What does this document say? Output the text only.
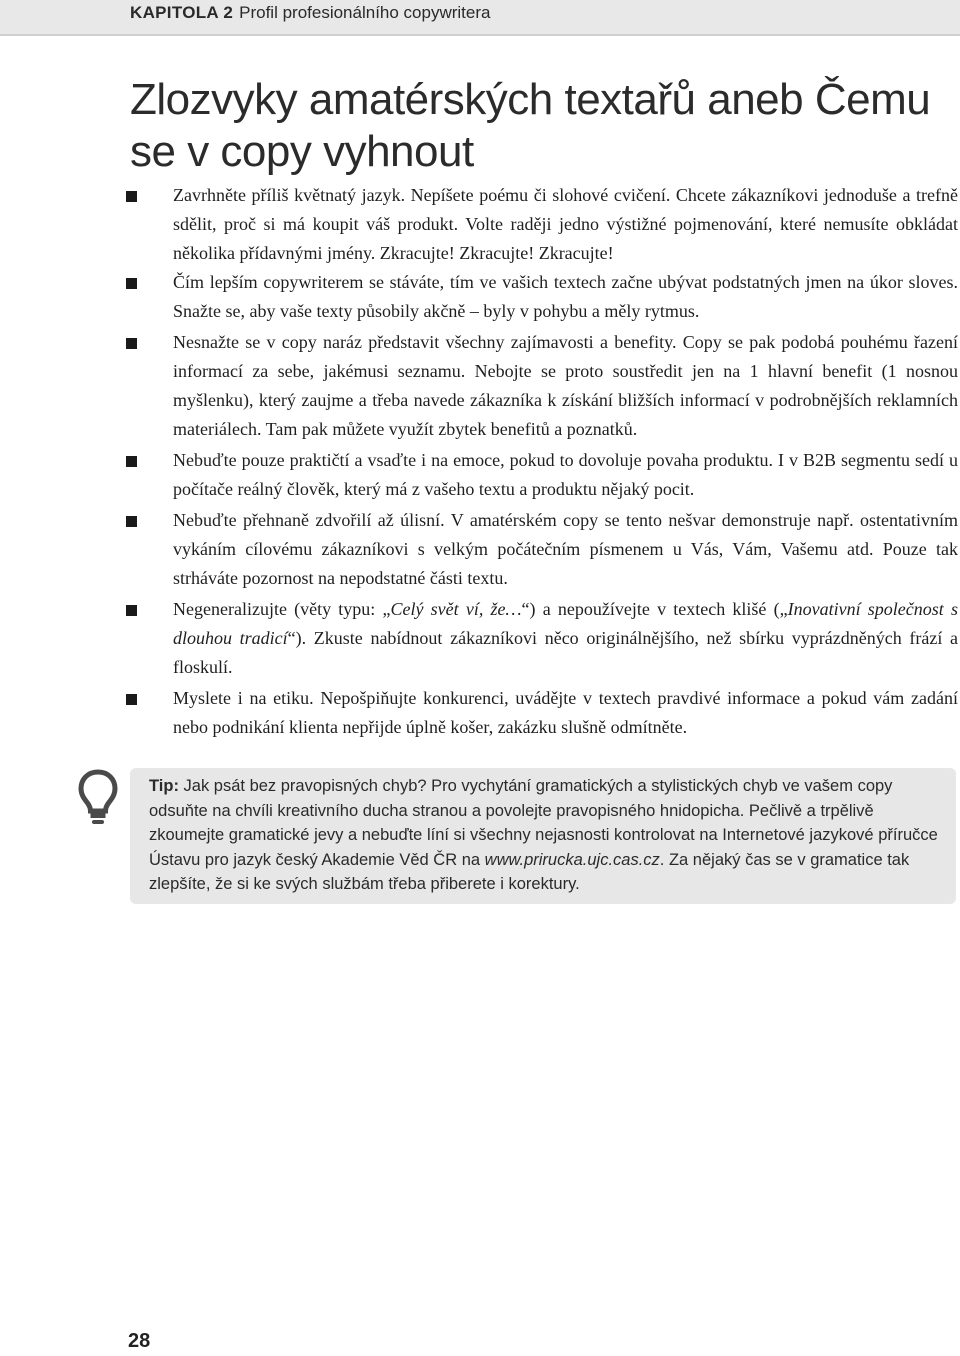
KAPITOLA 2 Profil profesionálního copywritera
Zlozvyky amatérských textařů aneb Čemu se v copy vyhnout
Zavrhněte příliš květnatý jazyk. Nepíšete poému či slohové cvičení. Chcete zákazníkovi jednoduše a trefně sdělit, proč si má koupit váš produkt. Volte raději jedno výstižné pojmenování, které nemusíte obkládat několika přídavnými jmény. Zkracujte! Zkracujte! Zkracujte!
Čím lepším copywriterem se stáváte, tím ve vašich textech začne ubývat podstatných jmen na úkor sloves. Snažte se, aby vaše texty působily akčně – byly v pohybu a měly rytmus.
Nesnažte se v copy naráz představit všechny zajímavosti a benefity. Copy se pak podobá pouhému řazení informací za sebe, jakémusi seznamu. Nebojte se proto soustředit jen na 1 hlavní benefit (1 nosnou myšlenku), který zaujme a třeba navede zákazníka k získání bližších informací v podrobnějších reklamních materiálech. Tam pak můžete využít zbytek benefitů a poznatků.
Nebuďte pouze praktičtí a vsaďte i na emoce, pokud to dovoluje povaha produktu. I v B2B segmentu sedí u počítače reálný člověk, který má z vašeho textu a produktu nějaký pocit.
Nebuďte přehnaně zdvořilí až úlisní. V amatérském copy se tento nešvar demonstruje např. ostentativním vykáním cílovému zákazníkovi s velkým počátečním písmenem u Vás, Vám, Vašemu atd. Pouze tak strháváte pozornost na nepodstatné části textu.
Negeneralizujte (věty typu: „Celý svět ví, že…“) a nepoužívejte v textech klišé („Inovativní společnost s dlouhou tradicí“). Zkuste nabídnout zákazníkovi něco originálnějšího, než sbírku vyprázdněných frází a floskulí.
Myslete i na etiku. Nepošpiňujte konkurenci, uvádějte v textech pravdivé informace a pokud vám zadání nebo podnikání klienta nepřijde úplně košer, zakázku slušně odmítněte.
Tip: Jak psát bez pravopisných chyb? Pro vychytání gramatických a stylistických chyb ve vašem copy odsuňte na chvíli kreativního ducha stranou a povolejte pravopisného hnidopicha. Pečlivě a trpělivě zkoumejte gramatické jevy a nebuďte líní si všechny nejasnosti kontrolovat na Internetové jazykové příručce Ústavu pro jazyk český Akademie Věd ČR na www.prirucka.ujc.cas.cz. Za nějaký čas se v gramatice tak zlepšíte, že si ke svých službám třeba přiberete i korektury.
28
